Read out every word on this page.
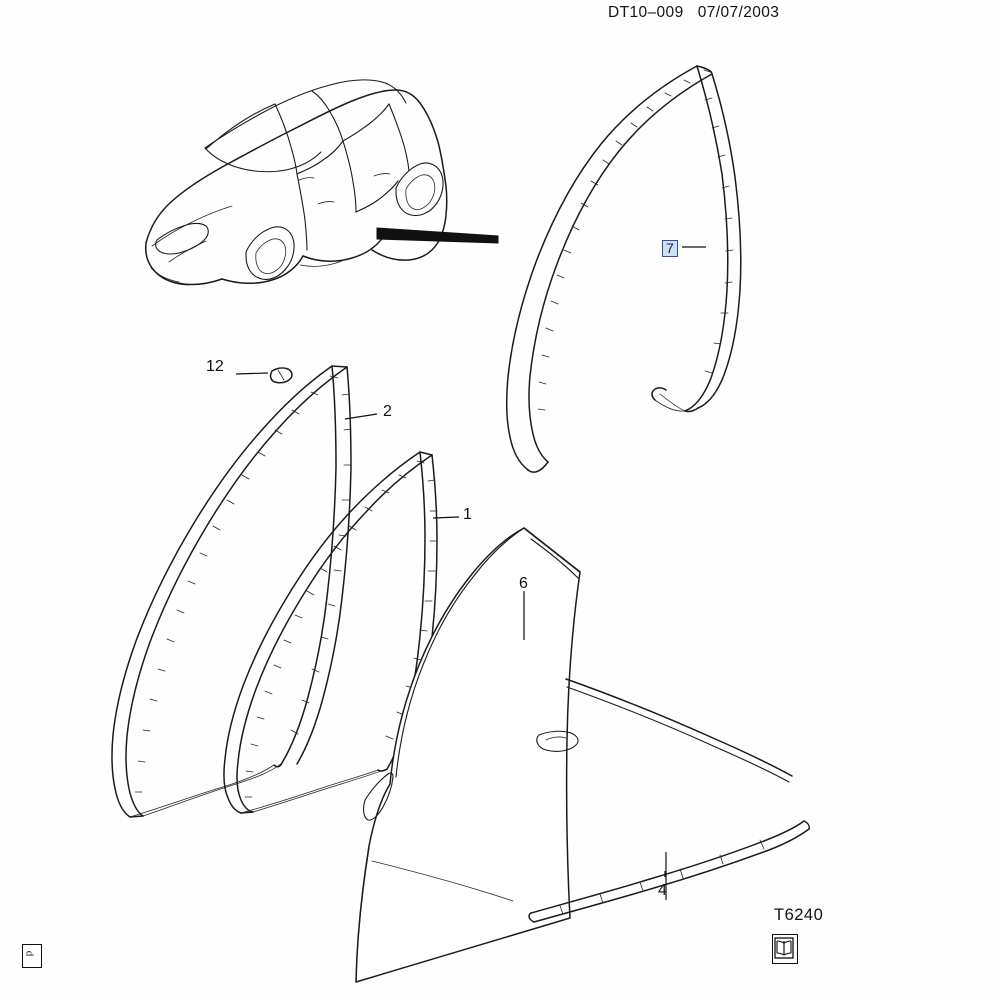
DT10–009   07/07/2003
12
2
1
7
6
4
T6240
d
